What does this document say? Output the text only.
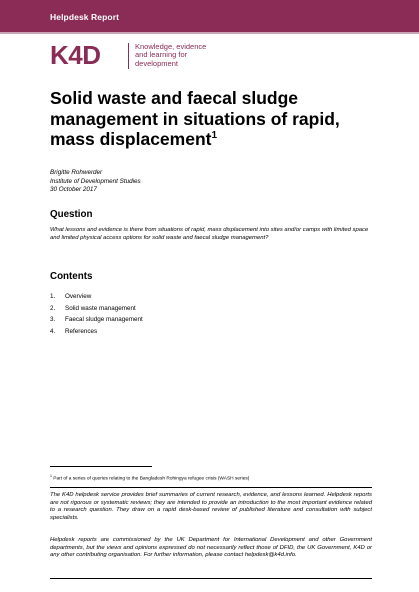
Helpdesk Report
K4D	Knowledge, evidence
and learning for
development
Solid waste and faecal sludge management in situations of rapid, mass displacement$^1$
Brigitte Rohwerder
Institute of Development Studies
30 October 2017
Question

What lessons and evidence is there from situations of rapid, mass displacement into sites and/or camps with limited space and limited physical access options for solid waste and faecal sludge management?

Contents
1. Overview
2. Solid waste management
3. Faecal sludge management
4. References
$^1$ Part of a series of queries relating to the Bangladesh Rohingya refugee crisis (WASH series)

The K4D helpdesk service provides brief summaries of current research, evidence, and lessons learned. Helpdesk reports are not rigorous or systematic reviews; they are intended to provide an introduction to the most important evidence related to a research question. They draw on a rapid desk-based review of published literature and consultation with subject specialists.

Helpdesk reports are commissioned by the UK Department for International Development and other Government departments, but the views and opinions expressed do not necessarily reflect those of DFID, the UK Government, K4D or any other contributing organisation. For further information, please contact helpdesk@k4d.info.
